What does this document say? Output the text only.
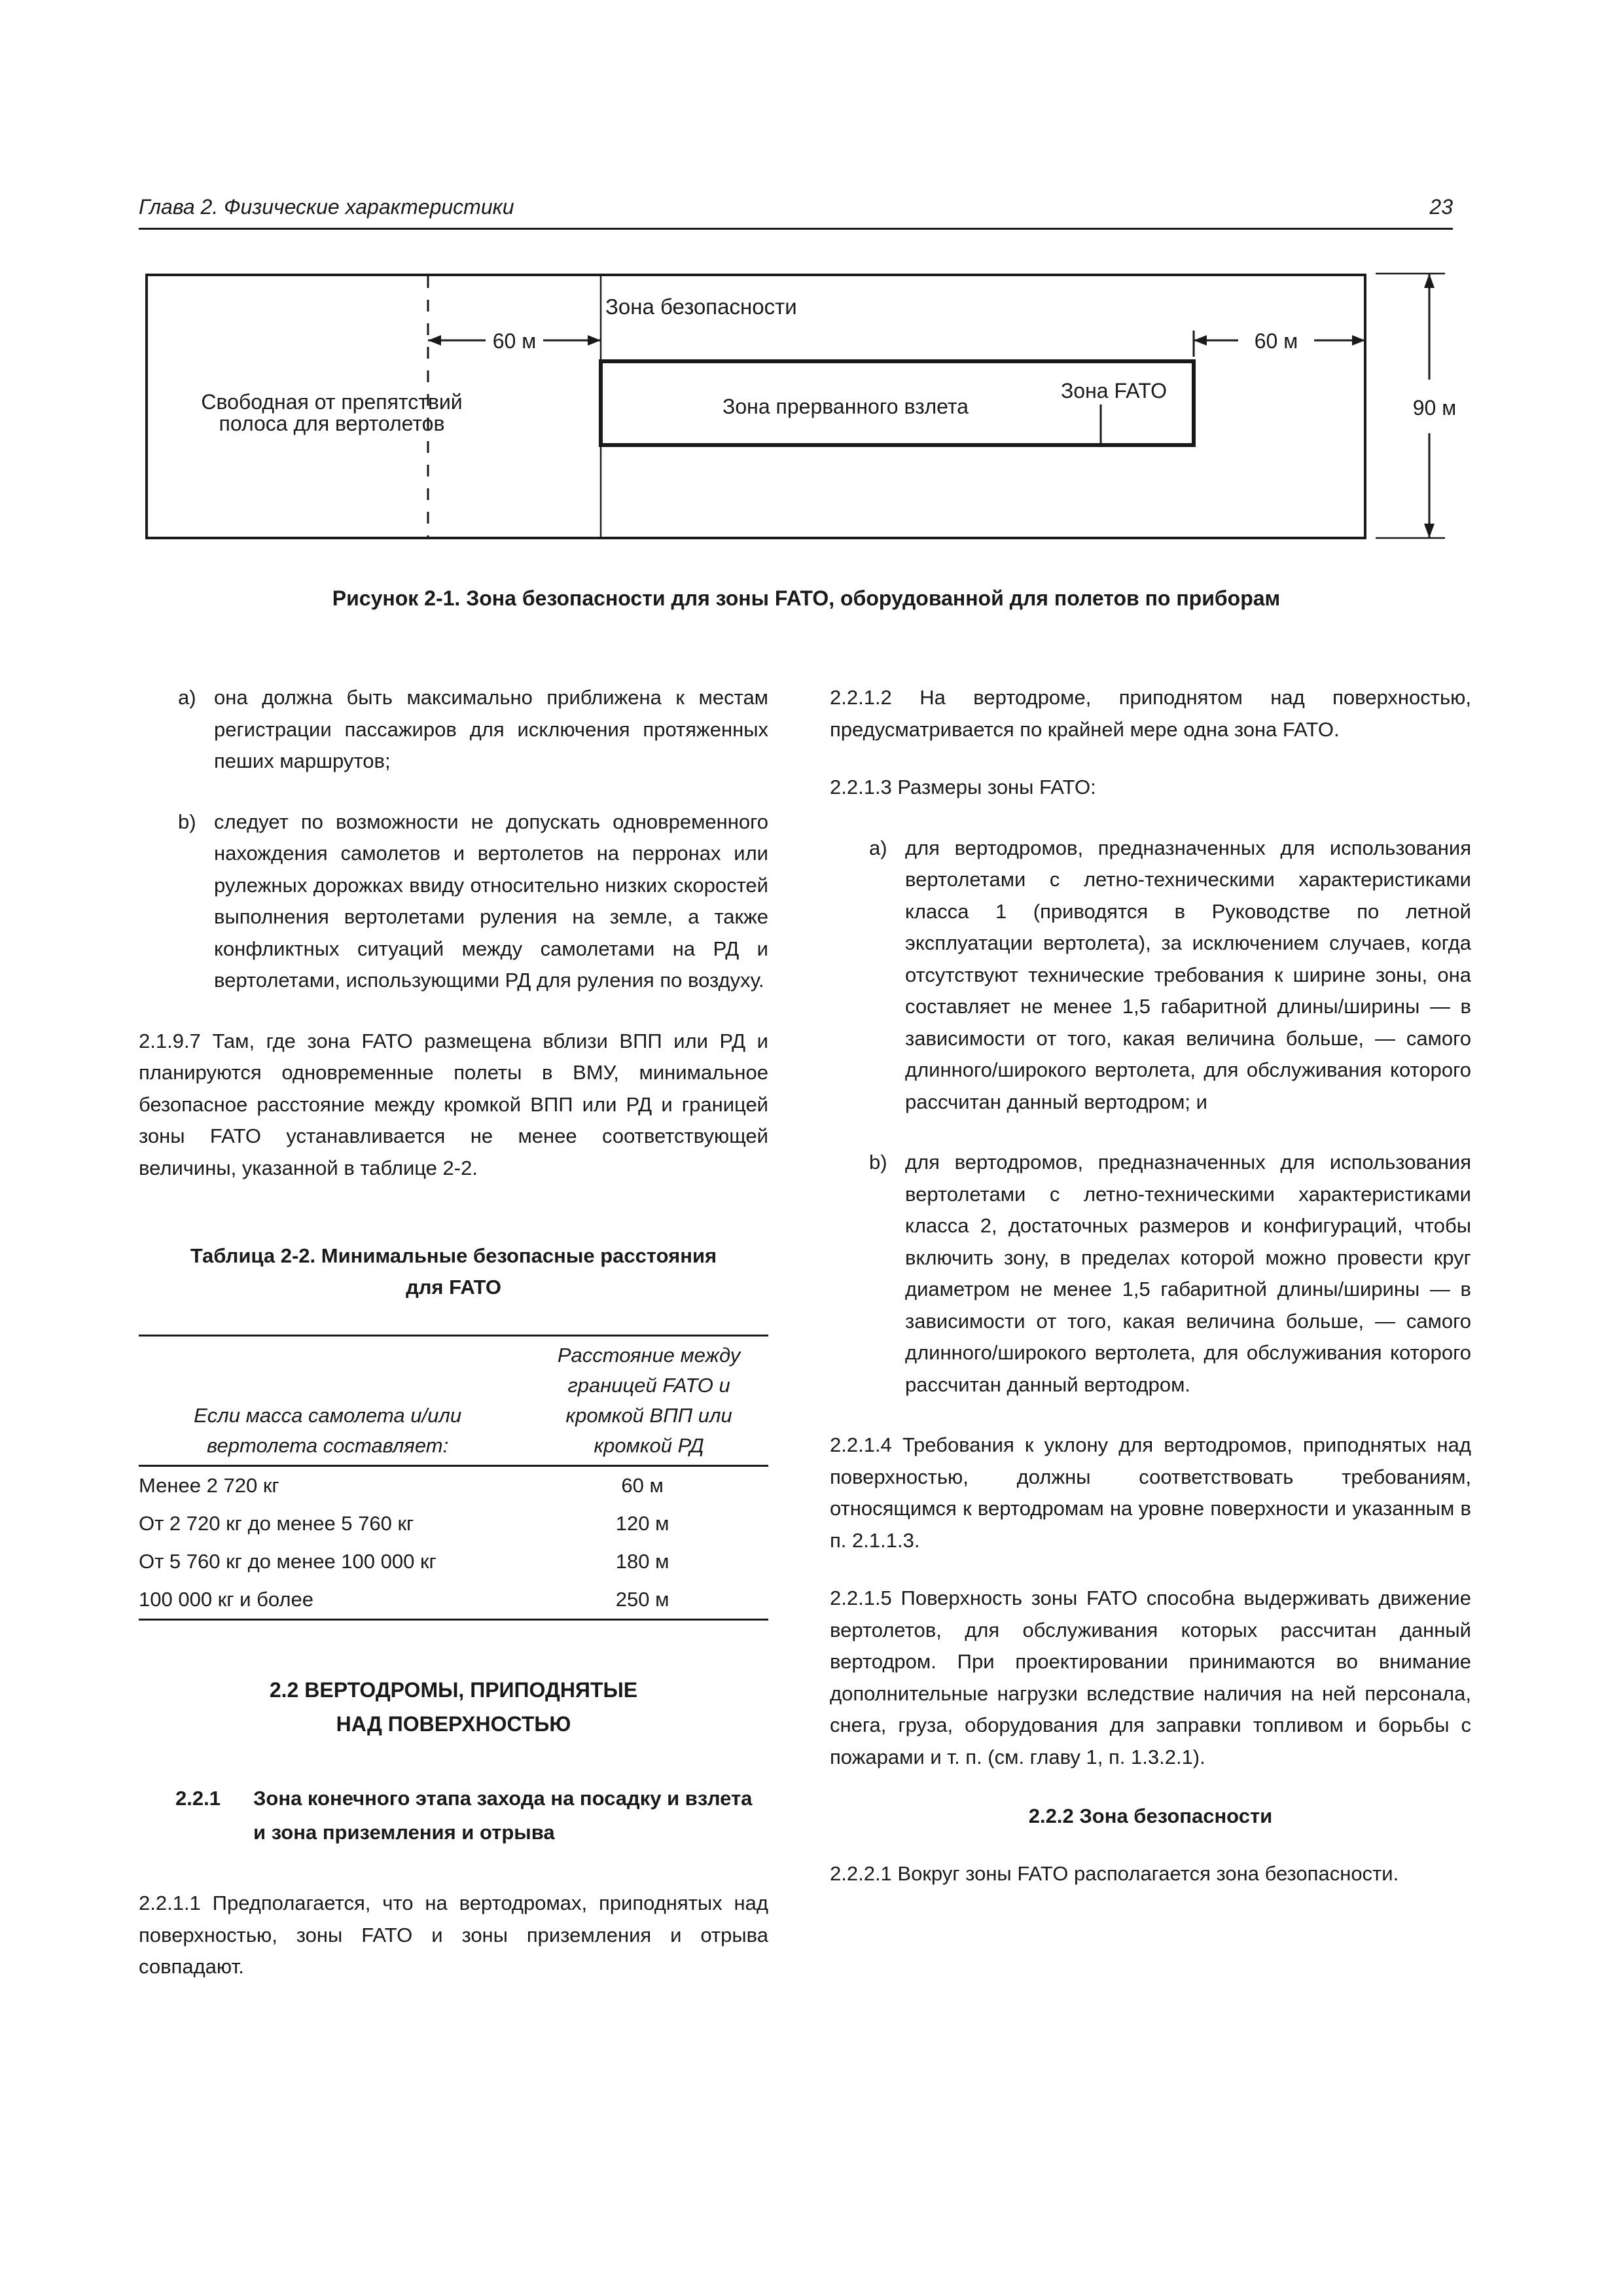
Глава 2. Физические характеристики	23
60 м	60 м
90 м
Зона безопасности
Свободная от препятствий
полоса для вертолетов
Зона прерванного взлета
Зона FATO
Рисунок 2-1. Зона безопасности для зоны FATO, оборудованной для полетов по приборам
a) она должна быть максимально приближена к местам регистрации пассажиров для исключения протяженных пеших маршрутов;
b) следует по возможности не допускать одновременного нахождения самолетов и вертолетов на перронах или рулежных дорожках ввиду относительно низких скоростей выполнения вертолетами руления на земле, а также конфликтных ситуаций между самолетами на РД и вертолетами, использующими РД для руления по воздуху.
2.1.9.7 Там, где зона FATO размещена вблизи ВПП или РД и планируются одновременные полеты в ВМУ, минимальное безопасное расстояние между кромкой ВПП или РД и границей зоны FATO устанавливается не менее соответствующей величины, указанной в таблице 2-2.
Таблица 2-2. Минимальные безопасные расстояния
для FATO
Если масса самолета и/или вертолета составляет:	Расстояние между границей FATO и кромкой ВПП или кромкой РД
Менее 2 720 кг	60 м
От 2 720 кг до менее 5 760 кг	120 м
От 5 760 кг до менее 100 000 кг	180 м
100 000 кг и более	250 м
2.2 ВЕРТОДРОМЫ, ПРИПОДНЯТЫЕ
НАД ПОВЕРХНОСТЬЮ
2.2.1 Зона конечного этапа захода на посадку и взлета и зона приземления и отрыва
2.2.1.1 Предполагается, что на вертодромах, приподнятых над поверхностью, зоны FATO и зоны приземления и отрыва совпадают.
2.2.1.2 На вертодроме, приподнятом над поверхностью, предусматривается по крайней мере одна зона FATO.
2.2.1.3 Размеры зоны FATO:
a) для вертодромов, предназначенных для использования вертолетами с летно-техническими характеристиками класса 1 (приводятся в Руководстве по летной эксплуатации вертолета), за исключением случаев, когда отсутствуют технические требования к ширине зоны, она составляет не менее 1,5 габаритной длины/ширины — в зависимости от того, какая величина больше, — самого длинного/широкого вертолета, для обслуживания которого рассчитан данный вертодром; и
b) для вертодромов, предназначенных для использования вертолетами с летно-техническими характеристиками класса 2, достаточных размеров и конфигураций, чтобы включить зону, в пределах которой можно провести круг диаметром не менее 1,5 габаритной длины/ширины — в зависимости от того, какая величина больше, — самого длинного/широкого вертолета, для обслуживания которого рассчитан данный вертодром.
2.2.1.4 Требования к уклону для вертодромов, приподнятых над поверхностью, должны соответствовать требованиям, относящимся к вертодромам на уровне поверхности и указанным в п. 2.1.1.3.
2.2.1.5 Поверхность зоны FATO способна выдерживать движение вертолетов, для обслуживания которых рассчитан данный вертодром. При проектировании принимаются во внимание дополнительные нагрузки вследствие наличия на ней персонала, снега, груза, оборудования для заправки топливом и борьбы с пожарами и т. п. (см. главу 1, п. 1.3.2.1).
2.2.2 Зона безопасности
2.2.2.1 Вокруг зоны FATO располагается зона безопасности.
